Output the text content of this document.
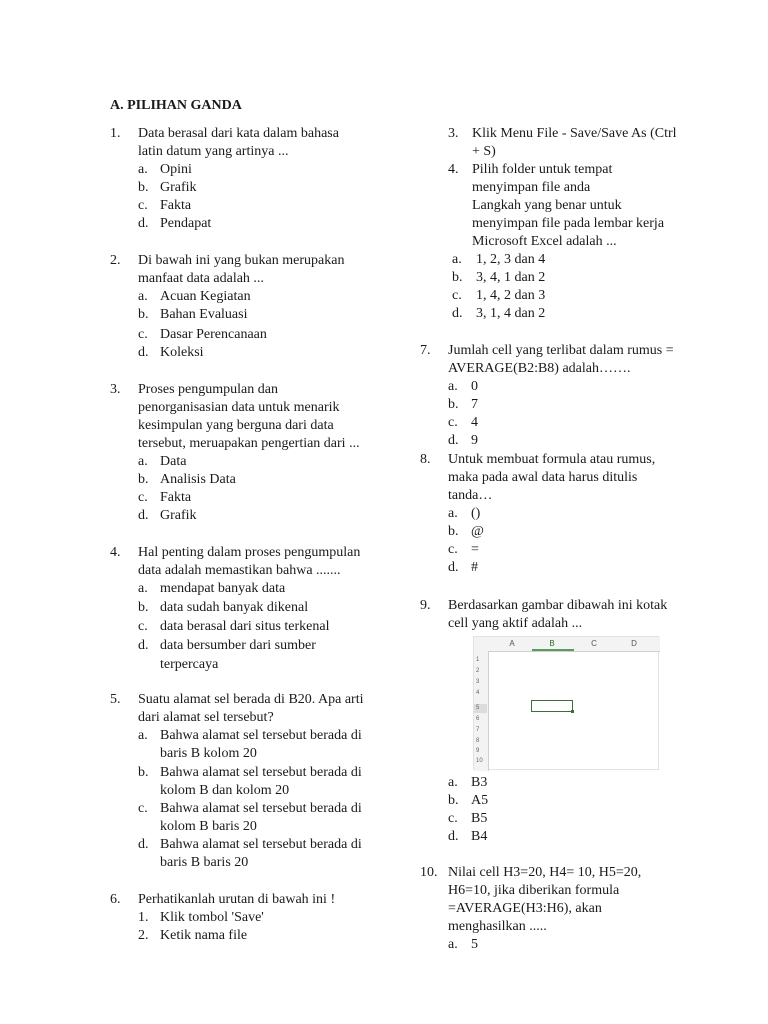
A. PILIHAN GANDA
1. Data berasal dari kata dalam bahasa
latin datum yang artinya ...
a. Opini
b. Grafik
c. Fakta
d. Pendapat
2. Di bawah ini yang bukan merupakan
manfaat data adalah ...
a. Acuan Kegiatan
b. Bahan Evaluasi
c. Dasar Perencanaan
d. Koleksi
3. Proses pengumpulan dan
penorganisasian data untuk menarik
kesimpulan yang berguna dari data
tersebut, meruapakan pengertian dari ...
a. Data
b. Analisis Data
c. Fakta
d. Grafik
4. Hal penting dalam proses pengumpulan
data adalah memastikan bahwa .......
a. mendapat banyak data
b. data sudah banyak dikenal
c. data berasal dari situs terkenal
d. data bersumber dari sumber
terpercaya
5. Suatu alamat sel berada di B20. Apa arti
dari alamat sel tersebut?
a. Bahwa alamat sel tersebut berada di
baris B kolom 20
b. Bahwa alamat sel tersebut berada di
kolom B dan kolom 20
c. Bahwa alamat sel tersebut berada di
kolom B baris 20
d. Bahwa alamat sel tersebut berada di
baris B baris 20
6. Perhatikanlah urutan di bawah ini !
1. Klik tombol 'Save'
2. Ketik nama file
3. Klik Menu File - Save/Save As (Ctrl
+ S)
4. Pilih folder untuk tempat
menyimpan file anda
Langkah yang benar untuk
menyimpan file pada lembar kerja
Microsoft Excel adalah ...
a. 1, 2, 3 dan 4
b. 3, 4, 1 dan 2
c. 1, 4, 2 dan 3
d. 3, 1, 4 dan 2
7. Jumlah cell yang terlibat dalam rumus =
AVERAGE(B2:B8) adalah…….
a. 0
b. 7
c. 4
d. 9
8. Untuk membuat formula atau rumus,
maka pada awal data harus ditulis
tanda…
a. ()
b. @
c. =
d. #
9. Berdasarkan gambar dibawah ini kotak
cell yang aktif adalah ...
A	B	C	D
1
2
3
4
5
6
7
8
9
10
a. B3
b. A5
c. B5
d. B4
10. Nilai cell H3=20, H4= 10, H5=20,
H6=10, jika diberikan formula
=AVERAGE(H3:H6), akan
menghasilkan .....
a. 5
